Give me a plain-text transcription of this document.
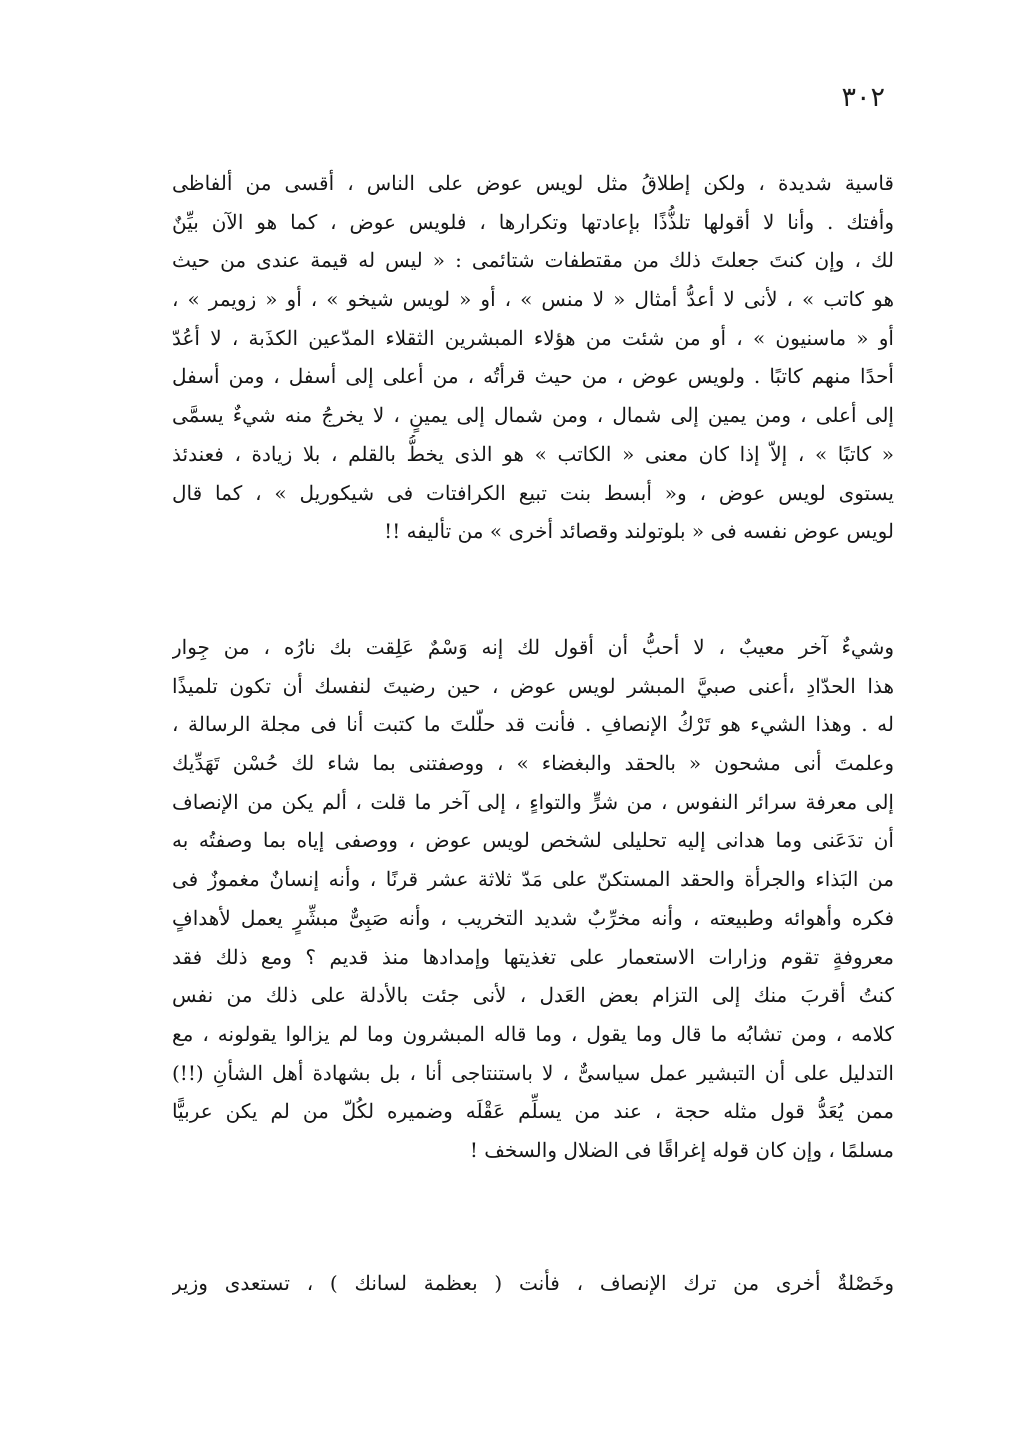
٣٠٢
قاسية شديدة ، ولكن إطلاقُ مثل لويس عوض على الناس ، أقسى من ألفاظى
وأفتك . وأنا لا أقولها تلذُّذًا بإعادتها وتكرارها ، فلويس عوض ، كما هو الآن بيِّنٌ
لك ، وإن كنتَ جعلتَ ذلك من مقتطفات شتائمى : « ليس له قيمة عندى من حيث
هو كاتب » ، لأنى لا أعدُّ أمثال « لا منس » ، أو « لويس شيخو » ، أو « زويمر » ،
أو « ماسنيون » ، أو من شئت من هؤلاء المبشرين الثقلاء المدّعين الكذَبة ، لا أعُدّ
أحدًا منهم كاتبًا . ولويس عوض ، من حيث قرأتُه ، من أعلى إلى أسفل ، ومن أسفل
إلى أعلى ، ومن يمين إلى شمال ، ومن شمال إلى يمينٍ ، لا يخرجُ منه شيءٌ يسمَّى
« كاتبًا » ، إلاّ إذا كان معنى « الكاتب » هو الذى يخطُّ بالقلم ، بلا زيادة ، فعندئذ
يستوى لويس عوض ، و« أبسط بنت تبيع الكرافتات فى شيكوريل » ، كما قال
لويس عوض نفسه فى « بلوتولند وقصائد أخرى » من تأليفه !!
وشيءٌ آخر معيبٌ ، لا أحبُّ أن أقول لك إنه وَسْمٌ عَلِقت بك نارُه ، من جِوار
هذا الحدّادِ ،أعنى صبيَّ المبشر لويس عوض ، حين رضيتَ لنفسك أن تكون تلميذًا
له . وهذا الشيء هو تَرْكُ الإنصافِ . فأنت قد حلّلتَ ما كتبت أنا فى مجلة الرسالة ،
وعلمتَ أنى مشحون « بالحقد والبغضاء » ، ووصفتنى بما شاء لك حُسْن تَهَدِّيك
إلى معرفة سرائر النفوس ، من شرٍّ والتواءٍ ، إلى آخر ما قلت ، ألم يكن من الإنصاف
أن تدَعَنى وما هدانى إليه تحليلى لشخص لويس عوض ، ووصفى إياه بما وصفتُه به
من البَذاء والجرأة والحقد المستكنّ على مَدّ ثلاثة عشر قرنًا ، وأنه إنسانٌ مغموزٌ فى
فكره وأهوائه وطبيعته ، وأنه مخرِّبٌ شديد التخريب ، وأنه صَبِىٌّ مبشِّرٍ يعمل لأهدافٍ
معروفةٍ تقوم وزارات الاستعمار على تغذيتها وإمدادها منذ قديم ؟ ومع ذلك فقد
كنتُ أقربَ منك إلى التزام بعض العَدل ، لأنى جئت بالأدلة على ذلك من نفس
كلامه ، ومن تشابُه ما قال وما يقول ، وما قاله المبشرون وما لم يزالوا يقولونه ، مع
التدليل على أن التبشير عمل سياسىٌّ ، لا باستنتاجى أنا ، بل بشهادة أهل الشأنِ (!!)
ممن يُعَدُّ قول مثله حجة ، عند من يسلِّم عَقْلَه وضميره لكُلّ من لم يكن عربيًّا
مسلمًا ، وإن كان قوله إغراقًا فى الضلال والسخف !
وخَصْلةٌ أخرى من ترك الإنصاف ، فأنت ( بعظمة لسانك ) ، تستعدى وزير
